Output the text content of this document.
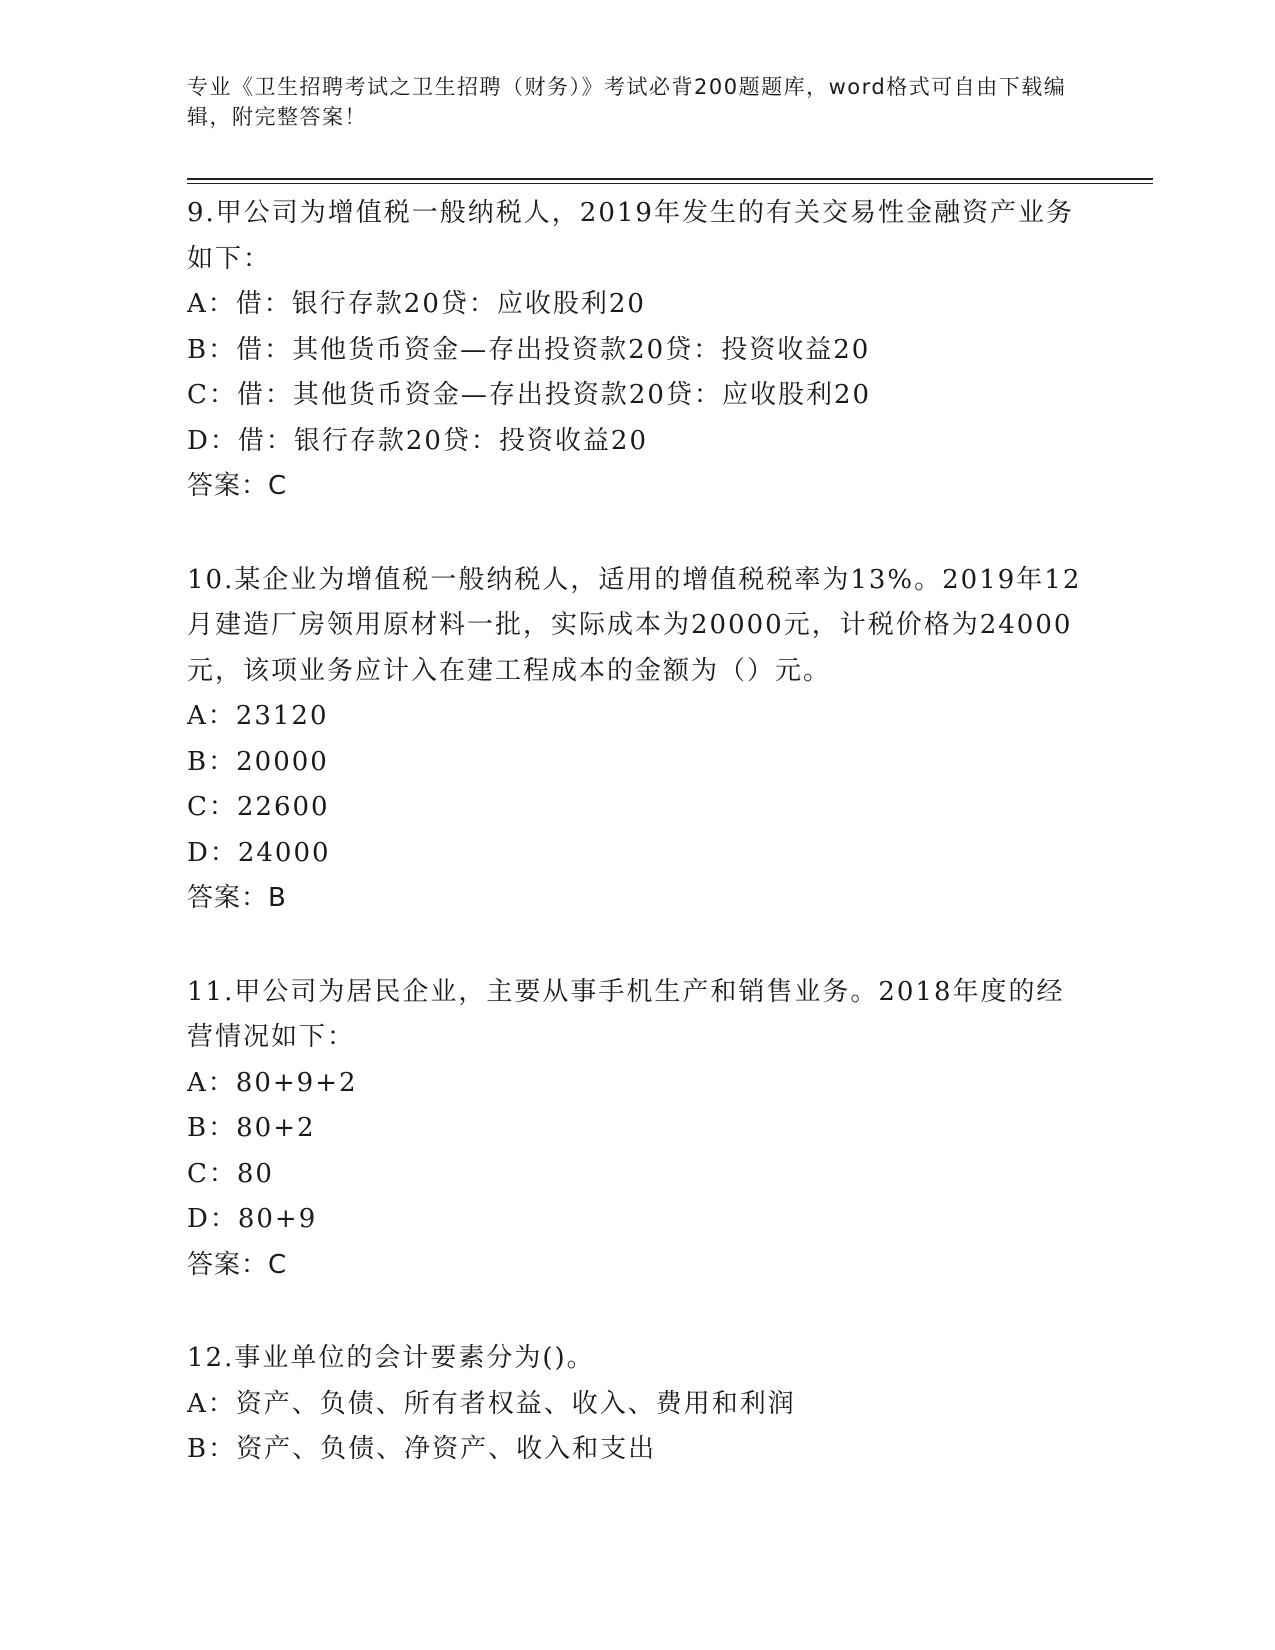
专业《卫生招聘考试之卫生招聘（财务）》考试必背200题题库，word格式可自由下载编辑，附完整答案！

9.甲公司为增值税一般纳税人，2019年发生的有关交易性金融资产业务如下：

A：借：银行存款20贷：应收股利20

B：借：其他货币资金—存出投资款20贷：投资收益20

C：借：其他货币资金—存出投资款20贷：应收股利20

D：借：银行存款20贷：投资收益20

答案：C

10.某企业为增值税一般纳税人，适用的增值税税率为13%。2019年12月建造厂房领用原材料一批，实际成本为20000元，计税价格为24000元，该项业务应计入在建工程成本的金额为（）元。

A：23120

B：20000

C：22600

D：24000

答案：B

11.甲公司为居民企业，主要从事手机生产和销售业务。2018年度的经营情况如下：

A：80+9+2

B：80+2

C：80

D：80+9

答案：C

12.事业单位的会计要素分为()。

A：资产、负债、所有者权益、收入、费用和利润

B：资产、负债、净资产、收入和支出
